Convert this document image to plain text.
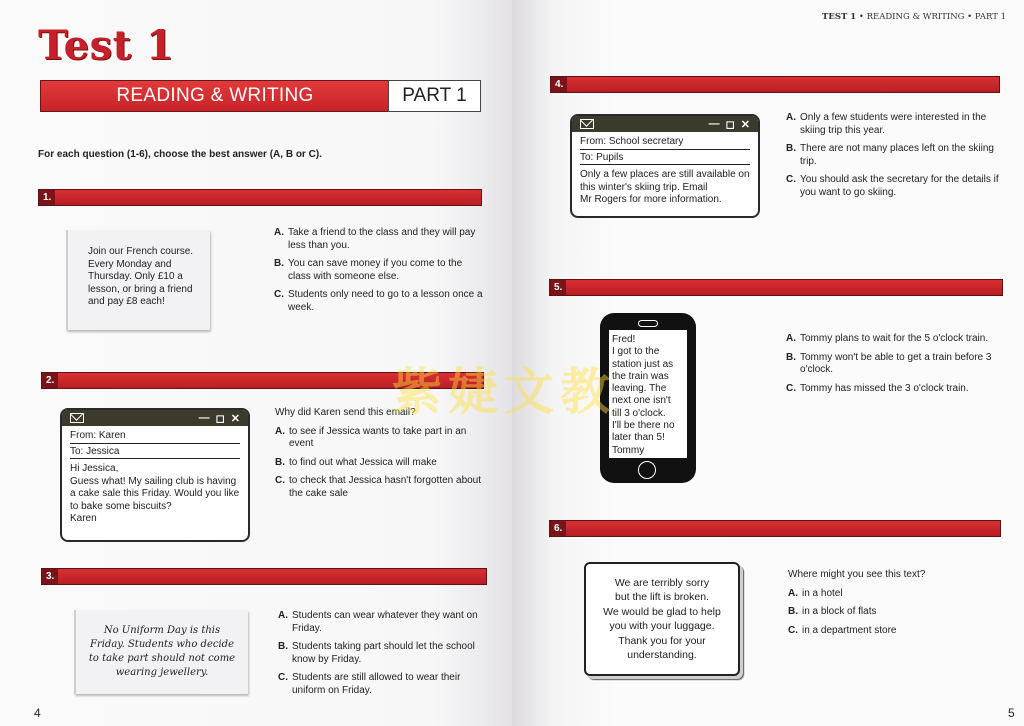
Test 1
READING & WRITING	PART 1
For each question (1-6), choose the best answer (A, B or C).
1.
Join our French course.
Every Monday and
Thursday. Only £10 a
lesson, or bring a friend
and pay £8 each!
A. Take a friend to the class and they will pay less than you.
B. You can save money if you come to the class with someone else.
C. Students only need to go to a lesson once a week.
2.
— ◻ ✕
From: Karen
To: Jessica
Hi Jessica,
Guess what! My sailing club is having
a cake sale this Friday. Would you like
to bake some biscuits?
Karen
Why did Karen send this email?
A. to see if Jessica wants to take part in an event
B. to find out what Jessica will make
C. to check that Jessica hasn't forgotten about the cake sale
3.
No Uniform Day is this
Friday. Students who decide
to take part should not come
wearing jewellery.
A. Students can wear whatever they want on Friday.
B. Students taking part should let the school know by Friday.
C. Students are still allowed to wear their uniform on Friday.
4
TEST 1 • READING & WRITING • PART 1
4.
— ◻ ✕
From: School secretary
To: Pupils
Only a few places are still available on
this winter's skiing trip. Email
Mr Rogers for more information.
A. Only a few students were interested in the skiing trip this year.
B. There are not many places left on the skiing trip.
C. You should ask the secretary for the details if you want to go skiing.
5.
Fred!
I got to the
station just as
the train was
leaving. The
next one isn't
till 3 o'clock.
I'll be there no
later than 5!
Tommy
A. Tommy plans to wait for the 5 o'clock train.
B. Tommy won't be able to get a train before 3 o'clock.
C. Tommy has missed the 3 o'clock train.
6.
We are terribly sorry
but the lift is broken.
We would be glad to help
you with your luggage.
Thank you for your
understanding.
Where might you see this text?
A. in a hotel
B. in a block of flats
C. in a department store
5
紫婕文教
